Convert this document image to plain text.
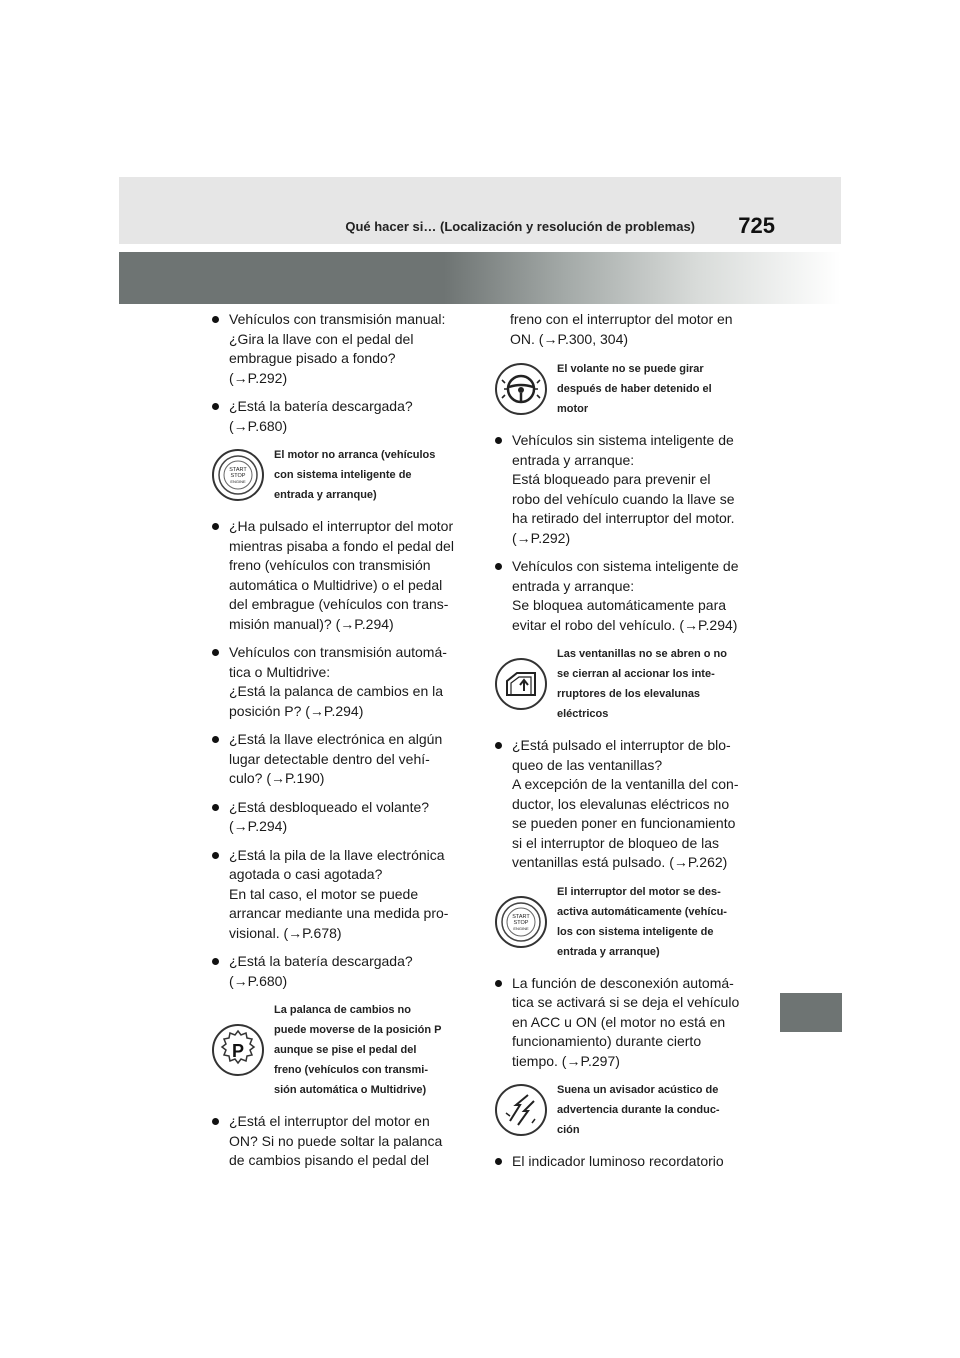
Qué hacer si… (Localización y resolución de problemas) 725
Vehículos con transmisión manual:
¿Gira la llave con el pedal del
embrague pisado a fondo?
(→P.292)
¿Está la batería descargada?
(→P.680)
START
STOP
ENGINE
El motor no arranca (vehículos
con sistema inteligente de
entrada y arranque)
¿Ha pulsado el interruptor del motor
mientras pisaba a fondo el pedal del
freno (vehículos con transmisión
automática o Multidrive) o el pedal
del embrague (vehículos con trans-
misión manual)? (→P.294)
Vehículos con transmisión automá-
tica o Multidrive:
¿Está la palanca de cambios en la
posición P? (→P.294)
¿Está la llave electrónica en algún
lugar detectable dentro del vehí-
culo? (→P.190)
¿Está desbloqueado el volante?
(→P.294)
¿Está la pila de la llave electrónica
agotada o casi agotada?
En tal caso, el motor se puede
arrancar mediante una medida pro-
visional. (→P.678)
¿Está la batería descargada?
(→P.680)
P
La palanca de cambios no
puede moverse de la posición P
aunque se pise el pedal del
freno (vehículos con transmi-
sión automática o Multidrive)
¿Está el interruptor del motor en
ON? Si no puede soltar la palanca
de cambios pisando el pedal del
freno con el interruptor del motor en
ON. (→P.300, 304)
El volante no se puede girar
después de haber detenido el
motor
Vehículos sin sistema inteligente de
entrada y arranque:
Está bloqueado para prevenir el
robo del vehículo cuando la llave se
ha retirado del interruptor del motor.
(→P.292)
Vehículos con sistema inteligente de
entrada y arranque:
Se bloquea automáticamente para
evitar el robo del vehículo. (→P.294)
Las ventanillas no se abren o no
se cierran al accionar los inte-
rruptores de los elevalunas
eléctricos
¿Está pulsado el interruptor de blo-
queo de las ventanillas?
A excepción de la ventanilla del con-
ductor, los elevalunas eléctricos no
se pueden poner en funcionamiento
si el interruptor de bloqueo de las
ventanillas está pulsado. (→P.262)
START
STOP
ENGINE
El interruptor del motor se des-
activa automáticamente (vehícu-
los con sistema inteligente de
entrada y arranque)
La función de desconexión automá-
tica se activará si se deja el vehículo
en ACC u ON (el motor no está en
funcionamiento) durante cierto
tiempo. (→P.297)
Suena un avisador acústico de
advertencia durante la conduc-
ción
El indicador luminoso recordatorio
